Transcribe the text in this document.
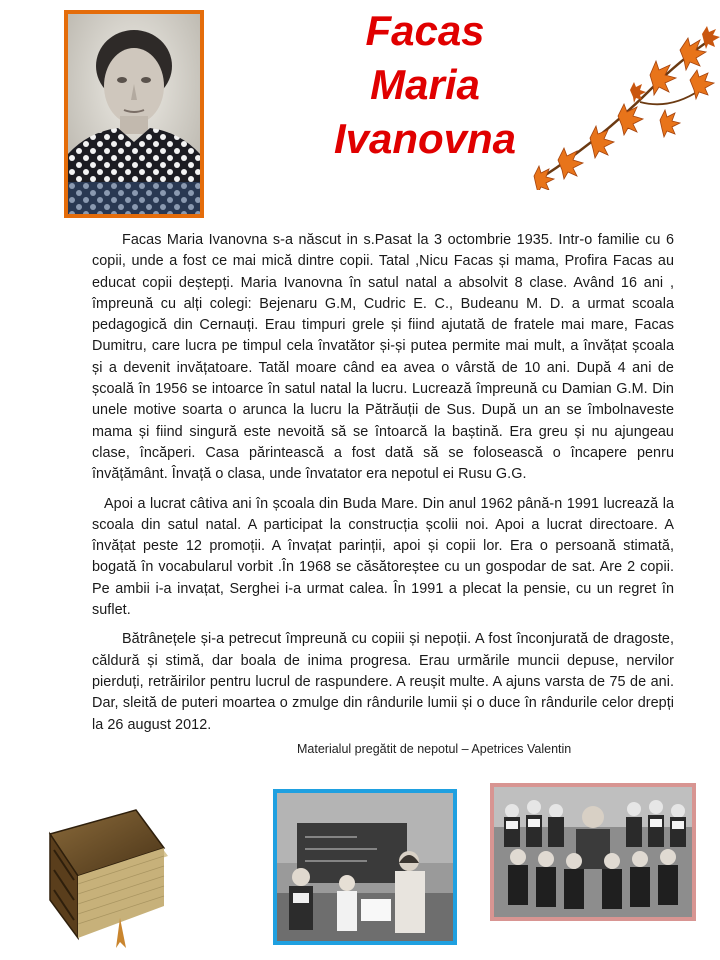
Facas
Maria
Ivanovna

Facas Maria Ivanovna s-a născut in s.Pasat la 3 octombrie 1935. Intr-o familie cu 6 copii, unde a fost ce mai mică dintre copii. Tatal ,Nicu Facas și mama, Profira Facas au educat copii deștepți. Maria Ivanovna în satul natal a absolvit 8 clase. Având 16 ani , împreună cu alți colegi: Bejenaru G.M, Cudric E. C., Budeanu M. D. a urmat scoala pedagogică din Cernauți. Erau timpuri grele și fiind ajutată de fratele mai mare, Facas Dumitru, care lucra pe timpul cela învatător și-și putea permite mai mult, a învățat școala și a devenit invățatoare. Tatăl moare când ea avea o vârstă de 10 ani. După 4 ani de școală în 1956 se intoarce în satul natal la lucru. Lucrează împreună cu Damian G.M. Din unele motive soarta o arunca la lucru la Pătrăuții de Sus. După un an se îmbolnaveste mama și fiind singură este nevoită să se întoarcă la baștină. Era greu și nu ajungeau clase, încăperi. Casa părintească a fost dată să se folosească o încapere penru învățământ. Învață o clasa, unde învatator era nepotul ei Rusu G.G.

Apoi a lucrat câtiva ani în școala din Buda Mare. Din anul 1962 până-n 1991 lucrează la scoala din satul natal. A participat la construcția școlii noi. Apoi a lucrat directoare. A învățat peste 12 promoții. A învațat parinții, apoi și copii lor. Era o persoană stimată, bogată în vocabularul vorbit .În 1968 se căsătoreștee cu un gospodar de sat. Are 2 copii. Pe ambii i-a invațat, Serghei i-a urmat calea. În 1991 a plecat la pensie, cu un regret în suflet.

Bătrânețele și-a petrecut împreună cu copiii și nepoții. A fost înconjurată de dragoste, căldură și stimă, dar boala de inima progresa. Erau urmările muncii depuse, nervilor pierduți, retrăirilor pentru lucrul de raspundere. A reușit multe. A ajuns varsta de 75 de ani. Dar, sleită de puteri moartea o zmulge din rândurile lumii și o duce în rândurile celor drepți la 26 august 2012.

Materialul pregătit de nepotul – Apetrices Valentin
